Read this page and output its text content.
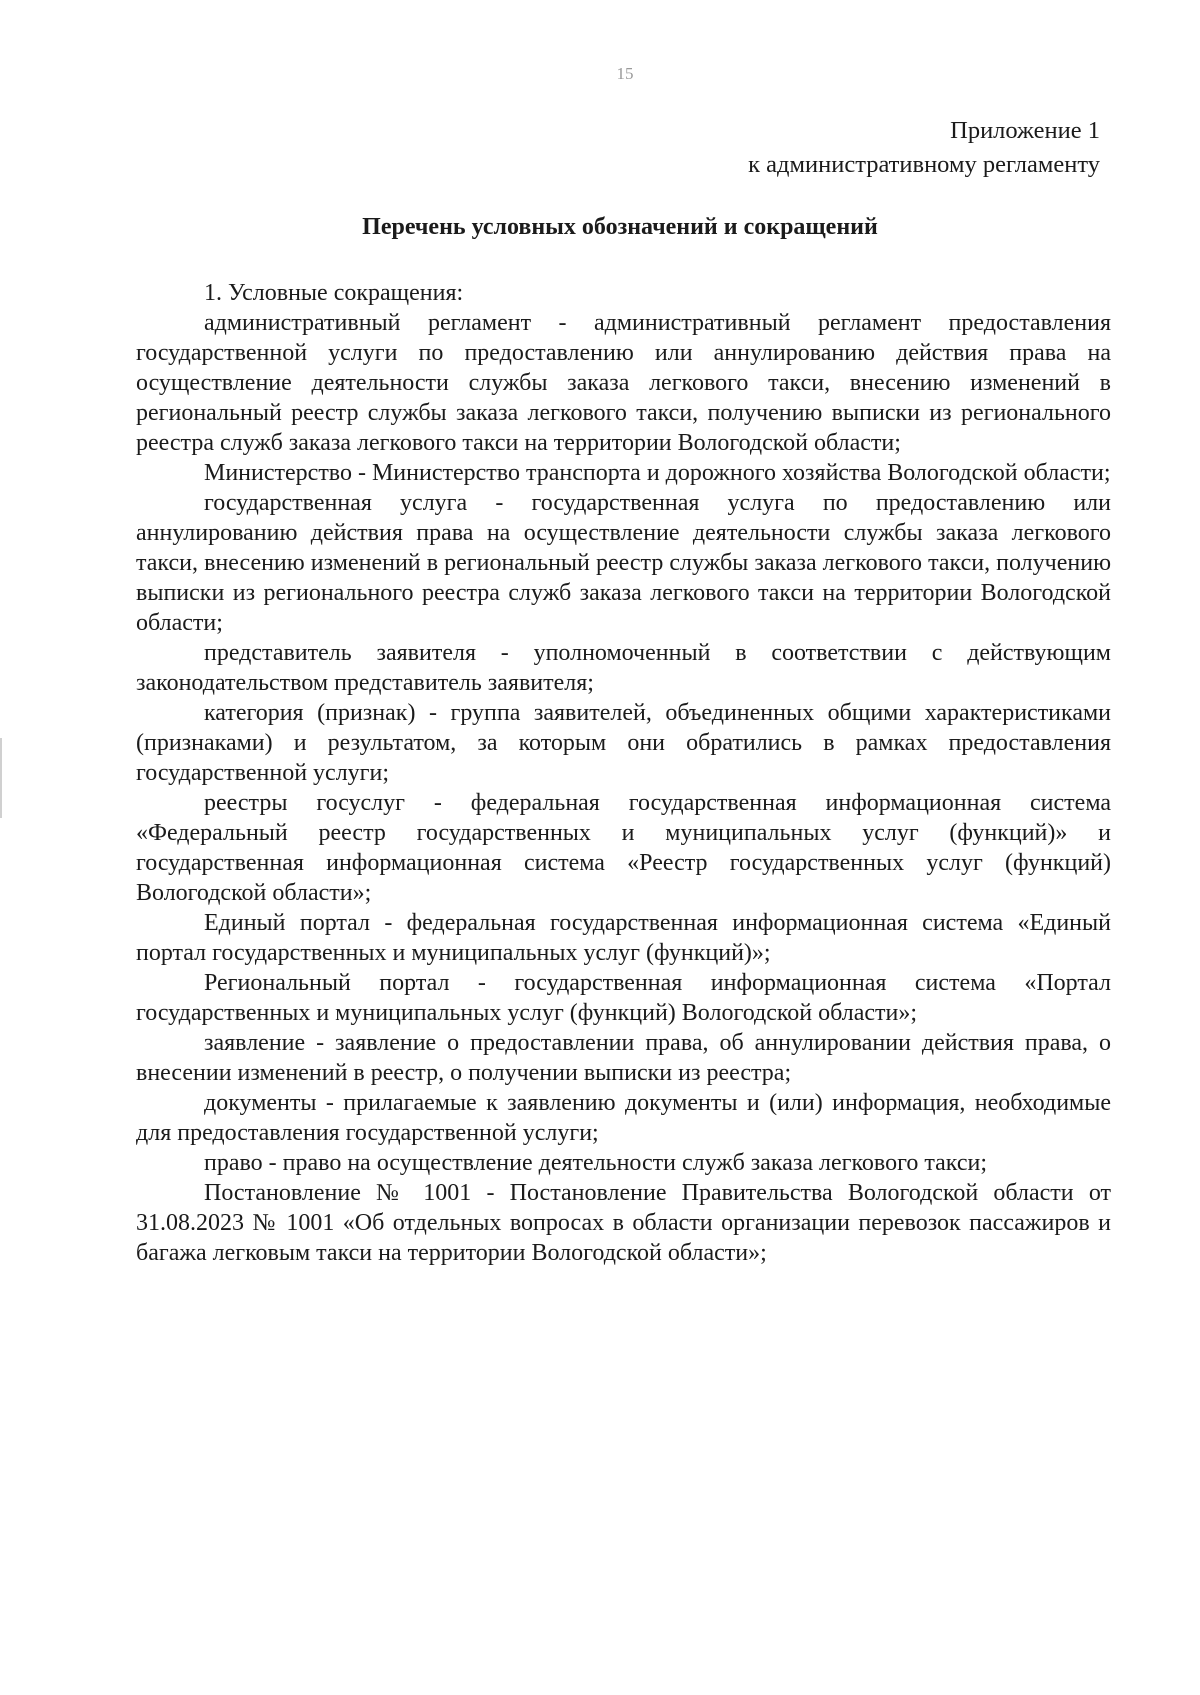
15
Приложение 1
к административному регламенту
Перечень условных обозначений и сокращений

1. Условные сокращения:

административный регламент - административный регламент предоставления государственной услуги по предоставлению или аннулированию действия права на осуществление деятельности службы заказа легкового такси, внесению изменений в региональный реестр службы заказа легкового такси, получению выписки из регионального реестра служб заказа легкового такси на территории Вологодской области;

Министерство - Министерство транспорта и дорожного хозяйства Вологодской области;

государственная услуга - государственная услуга по предоставлению или аннулированию действия права на осуществление деятельности службы заказа легкового такси, внесению изменений в региональный реестр службы заказа легкового такси, получению выписки из регионального реестра служб заказа легкового такси на территории Вологодской области;

представитель заявителя - уполномоченный в соответствии с действующим законодательством представитель заявителя;

категория (признак) - группа заявителей, объединенных общими характеристиками (признаками) и результатом, за которым они обратились в рамках предоставления государственной услуги;

реестры госуслуг - федеральная государственная информационная система «Федеральный реестр государственных и муниципальных услуг (функций)» и государственная информационная система «Реестр государственных услуг (функций) Вологодской области»;

Единый портал - федеральная государственная информационная система «Единый портал государственных и муниципальных услуг (функций)»;

Региональный портал - государственная информационная система «Портал государственных и муниципальных услуг (функций) Вологодской области»;

заявление - заявление о предоставлении права, об аннулировании действия права, о внесении изменений в реестр, о получении выписки из реестра;

документы - прилагаемые к заявлению документы и (или) информация, необходимые для предоставления государственной услуги;

право - право на осуществление деятельности служб заказа легкового такси;

Постановление № 1001 - Постановление Правительства Вологодской области от 31.08.2023 № 1001 «Об отдельных вопросах в области организации перевозок пассажиров и багажа легковым такси на территории Вологодской области»;
